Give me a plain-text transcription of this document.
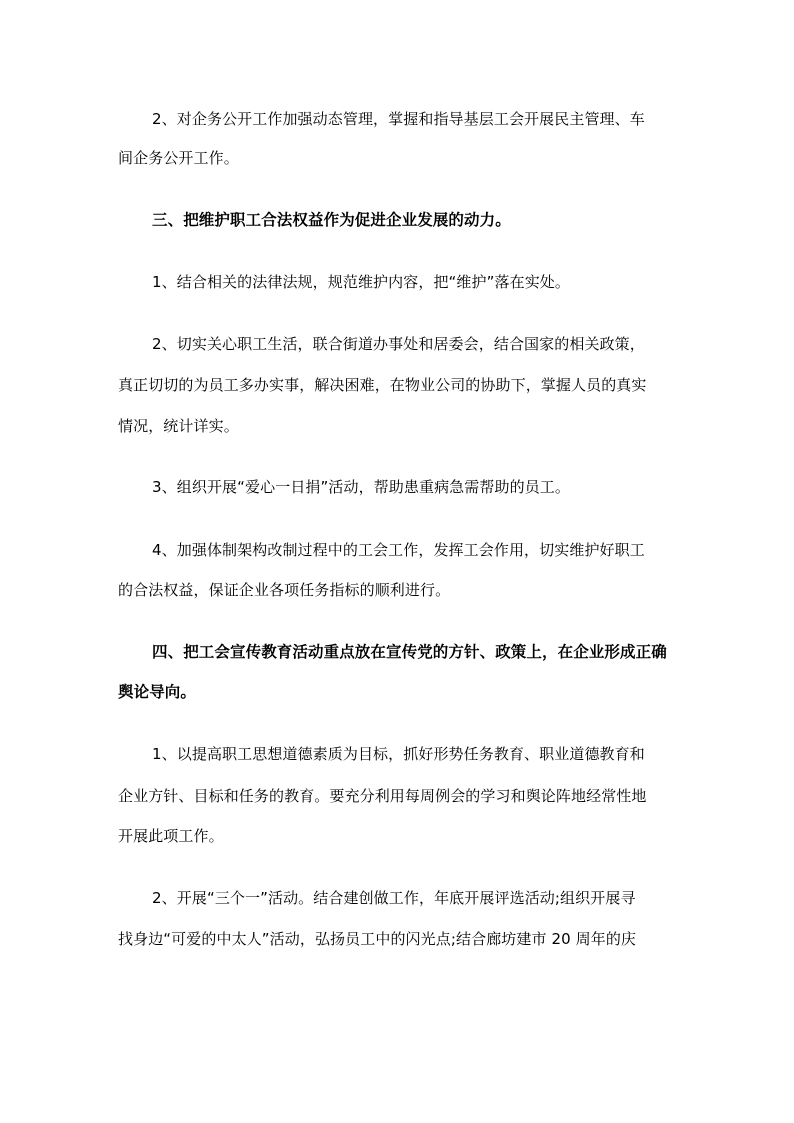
2、对企务公开工作加强动态管理，掌握和指导基层工会开展民主管理、车
间企务公开工作。
三、把维护职工合法权益作为促进企业发展的动力。
1、结合相关的法律法规，规范维护内容，把“维护”落在实处。
2、切实关心职工生活，联合街道办事处和居委会，结合国家的相关政策，
真正切切的为员工多办实事，解决困难，在物业公司的协助下，掌握人员的真实
情况，统计详实。
3、组织开展“爱心一日捐”活动，帮助患重病急需帮助的员工。
4、加强体制架构改制过程中的工会工作，发挥工会作用，切实维护好职工
的合法权益，保证企业各项任务指标的顺利进行。
四、把工会宣传教育活动重点放在宣传党的方针、政策上，在企业形成正确
舆论导向。
1、以提高职工思想道德素质为目标，抓好形势任务教育、职业道德教育和
企业方针、目标和任务的教育。要充分利用每周例会的学习和舆论阵地经常性地
开展此项工作。
2、开展“三个一”活动。结合建创做工作，年底开展评选活动;组织开展寻
找身边“可爱的中太人”活动，弘扬员工中的闪光点;结合廊坊建市 20 周年的庆
